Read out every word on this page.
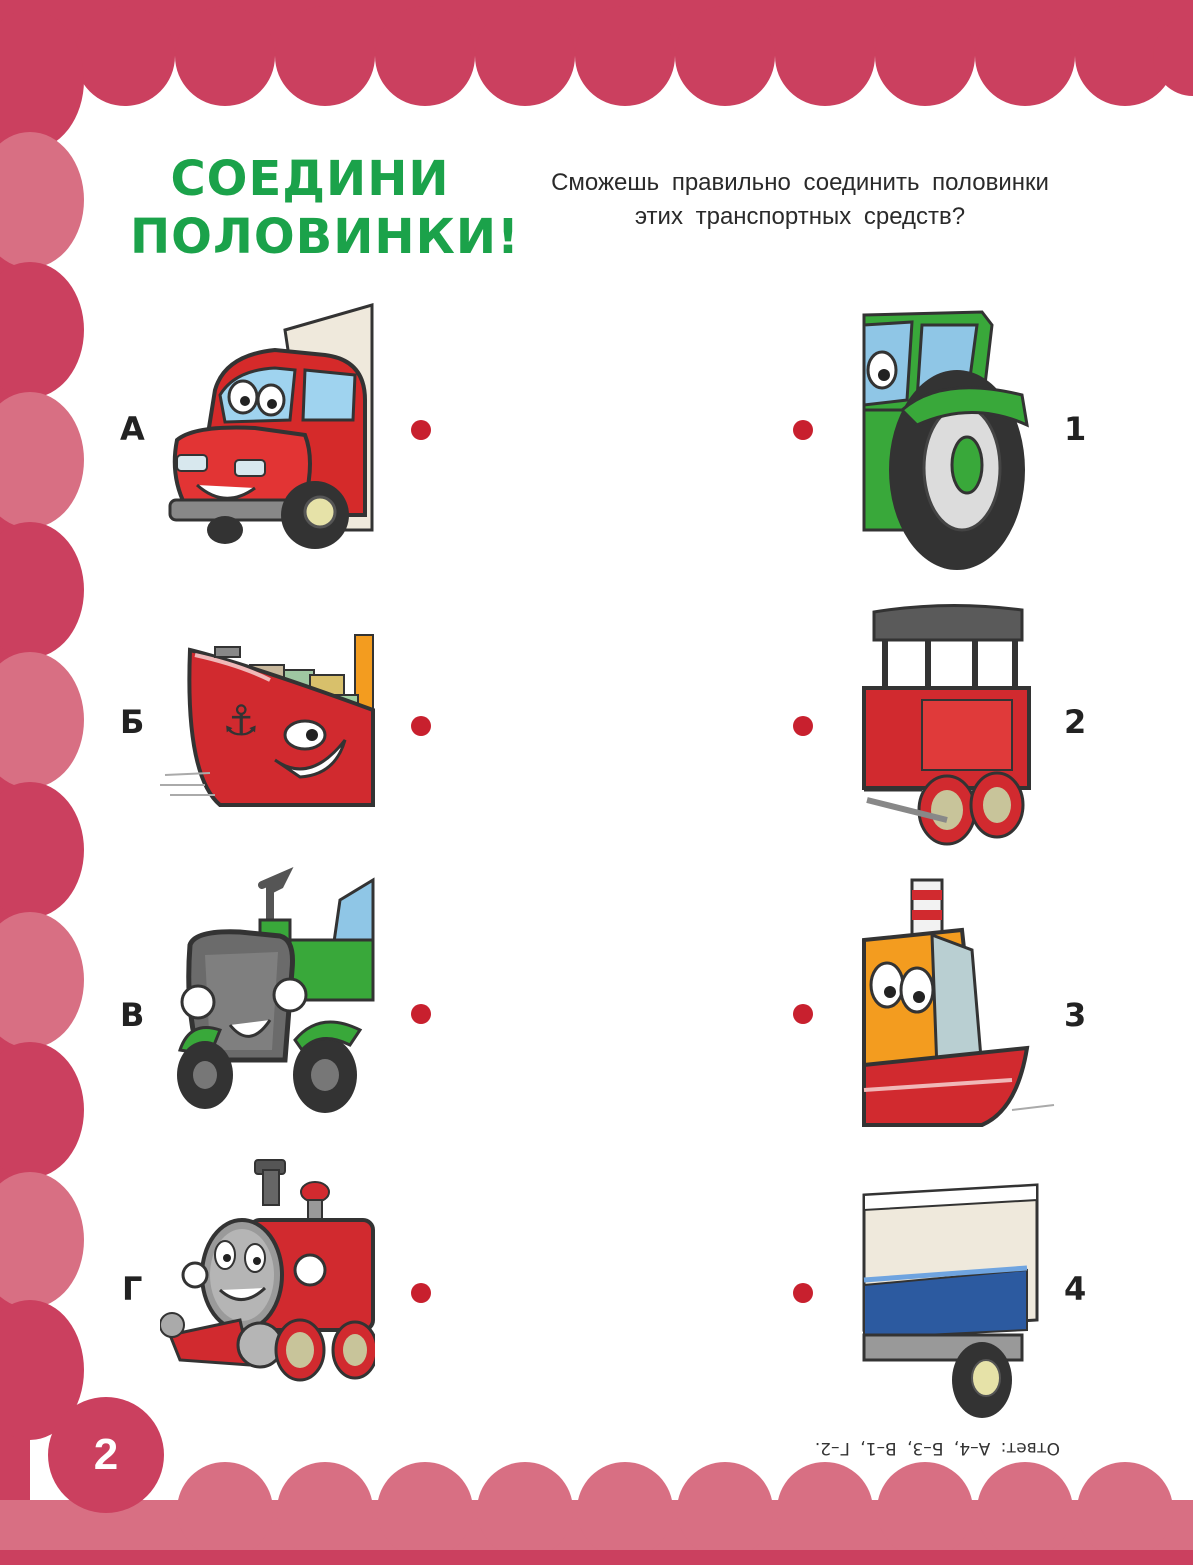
СОЕДИНИ
ПОЛОВИНКИ!
Сможешь правильно соединить половинки
этих транспортных средств?
А
Б
В
Г
1
2
3
4
⚓
Ответ: А–4, Б–3, В–1, Г–2.
2
